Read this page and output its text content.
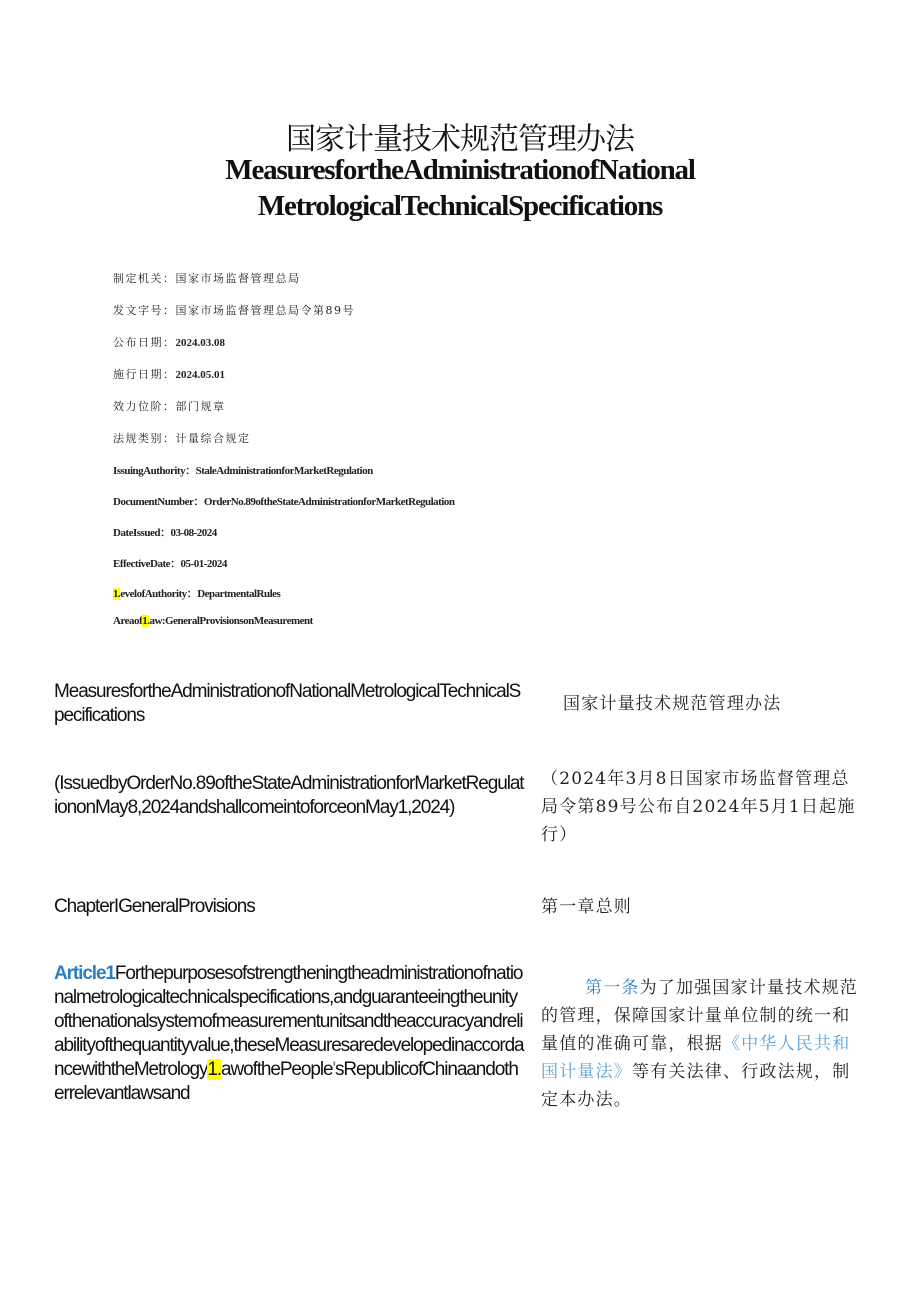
国家计量技术规范管理办法
MeasuresfortheAdministrationofNational
MetrologicalTechnicalSpecifications
制定机关：国家市场监督管理总局
发文字号：国家市场监督管理总局令第89号
公布日期：2024.03.08
施行日期：2024.05.01
效力位阶：部门规章
法规类别：计量综合规定
IssuingAuthority：StaleAdministrationforMarketRegulation
DocumentNumber：OrderNo.89oftheStateAdministrationforMarketRegulation
DateIssued：03-08-2024
EffectiveDate：05-01-2024
1.evelofAuthority：DepartmentalRules
Areaof1.aw:GeneralProvisionsonMeasurement
MeasuresfortheAdministrationofNationalMetrologicalTechnicalSpecifications
国家计量技术规范管理办法
(IssuedbyOrderNo.89oftheStateAdministrationforMarketRegulationonMay8,2024andshallcomeintoforceonMay1,2024)
（2024年3月8日国家市场监督管理总局令第89号公布自2024年5月1日起施行）
ChapterIGeneralProvisions	第一章总则
Article1Forthepurposesofstrengtheningtheadministrationofnationalmetrologicaltechnicalspecifications,andguaranteeingtheunityofthenationalsystemofmeasurementunitsandtheaccuracyandreliabilityofthequantityvalue,theseMeasuresaredevelopedinaccordancewiththeMetrology1.awofthePeople'sRepublicofChinaandotherrelevantlawsand
第一条为了加强国家计量技术规范的管理，保障国家计量单位制的统一和量值的准确可靠，根据《中华人民共和国计量法》等有关法律、行政法规，制定本办法。
